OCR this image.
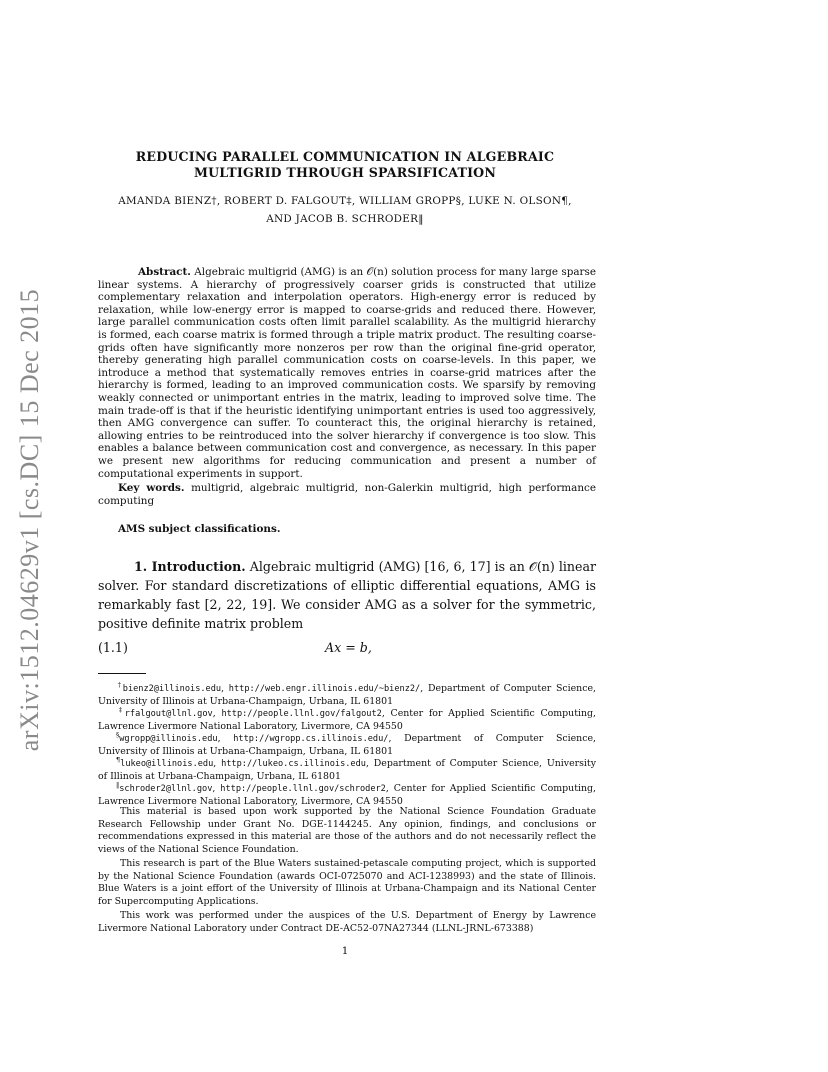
arXiv:1512.04629v1 [cs.DC] 15 Dec 2015
REDUCING PARALLEL COMMUNICATION IN ALGEBRAIC
MULTIGRID THROUGH SPARSIFICATION
AMANDA BIENZ†, ROBERT D. FALGOUT‡, WILLIAM GROPP§, LUKE N. OLSON¶,
AND JACOB B. SCHRODER‖
Abstract. Algebraic multigrid (AMG) is an 𝒪(n) solution process for many large sparse linear systems. A hierarchy of progressively coarser grids is constructed that utilize complementary relaxation and interpolation operators. High-energy error is reduced by relaxation, while low-energy error is mapped to coarse-grids and reduced there. However, large parallel communication costs often limit parallel scalability. As the multigrid hierarchy is formed, each coarse matrix is formed through a triple matrix product. The resulting coarse-grids often have significantly more nonzeros per row than the original fine-grid operator, thereby generating high parallel communication costs on coarse-levels. In this paper, we introduce a method that systematically removes entries in coarse-grid matrices after the hierarchy is formed, leading to an improved communication costs. We sparsify by removing weakly connected or unimportant entries in the matrix, leading to improved solve time. The main trade-off is that if the heuristic identifying unimportant entries is used too aggressively, then AMG convergence can suffer. To counteract this, the original hierarchy is retained, allowing entries to be reintroduced into the solver hierarchy if convergence is too slow. This enables a balance between communication cost and convergence, as necessary. In this paper we present new algorithms for reducing communication and present a number of computational experiments in support.
Key words. multigrid, algebraic multigrid, non-Galerkin multigrid, high performance computing
AMS subject classifications.
1. Introduction. Algebraic multigrid (AMG) [16, 6, 17] is an 𝒪(n) linear solver. For standard discretizations of elliptic differential equations, AMG is remarkably fast [2, 22, 19]. We consider AMG as a solver for the symmetric, positive definite matrix problem
(1.1)	Ax = b,
†bienz2@illinois.edu, http://web.engr.illinois.edu/~bienz2/, Department of Computer Science, University of Illinois at Urbana-Champaign, Urbana, IL 61801
‡rfalgout@llnl.gov, http://people.llnl.gov/falgout2, Center for Applied Scientific Computing, Lawrence Livermore National Laboratory, Livermore, CA 94550
§wgropp@illinois.edu, http://wgropp.cs.illinois.edu/, Department of Computer Science, University of Illinois at Urbana-Champaign, Urbana, IL 61801
¶lukeo@illinois.edu, http://lukeo.cs.illinois.edu, Department of Computer Science, University of Illinois at Urbana-Champaign, Urbana, IL 61801
‖schroder2@llnl.gov, http://people.llnl.gov/schroder2, Center for Applied Scientific Computing, Lawrence Livermore National Laboratory, Livermore, CA 94550
This material is based upon work supported by the National Science Foundation Graduate Research Fellowship under Grant No. DGE-1144245. Any opinion, findings, and conclusions or recommendations expressed in this material are those of the authors and do not necessarily reflect the views of the National Science Foundation.
This research is part of the Blue Waters sustained-petascale computing project, which is supported by the National Science Foundation (awards OCI-0725070 and ACI-1238993) and the state of Illinois. Blue Waters is a joint effort of the University of Illinois at Urbana-Champaign and its National Center for Supercomputing Applications.
This work was performed under the auspices of the U.S. Department of Energy by Lawrence Livermore National Laboratory under Contract DE-AC52-07NA27344 (LLNL-JRNL-673388)
1
